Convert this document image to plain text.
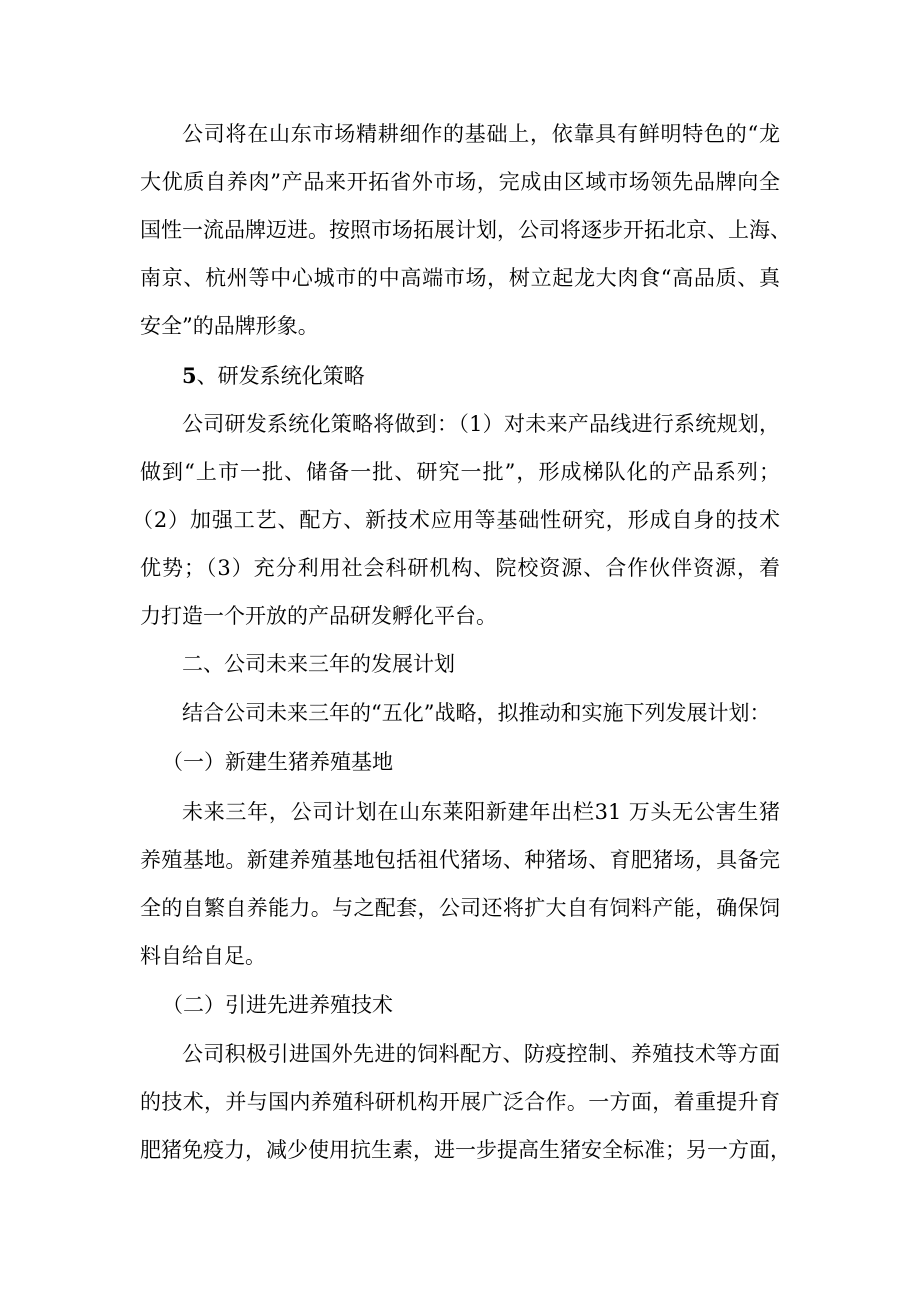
公司将在山东市场精耕细作的基础上，依靠具有鲜明特色的“龙
大优质自养肉”产品来开拓省外市场，完成由区域市场领先品牌向全
国性一流品牌迈进。按照市场拓展计划，公司将逐步开拓北京、上海、
南京、杭州等中心城市的中高端市场，树立起龙大肉食“高品质、真
安全”的品牌形象。
5、研发系统化策略
公司研发系统化策略将做到：（1）对未来产品线进行系统规划，
做到“上市一批、储备一批、研究一批”，形成梯队化的产品系列；
（2）加强工艺、配方、新技术应用等基础性研究，形成自身的技术
优势；（3）充分利用社会科研机构、院校资源、合作伙伴资源，着
力打造一个开放的产品研发孵化平台。
二、公司未来三年的发展计划
结合公司未来三年的“五化”战略，拟推动和实施下列发展计划：
（一）新建生猪养殖基地
未来三年，公司计划在山东莱阳新建年出栏31 万头无公害生猪
养殖基地。新建养殖基地包括祖代猪场、种猪场、育肥猪场，具备完
全的自繁自养能力。与之配套，公司还将扩大自有饲料产能，确保饲
料自给自足。
（二）引进先进养殖技术
公司积极引进国外先进的饲料配方、防疫控制、养殖技术等方面
的技术，并与国内养殖科研机构开展广泛合作。一方面，着重提升育
肥猪免疫力，减少使用抗生素，进一步提高生猪安全标准；另一方面，
